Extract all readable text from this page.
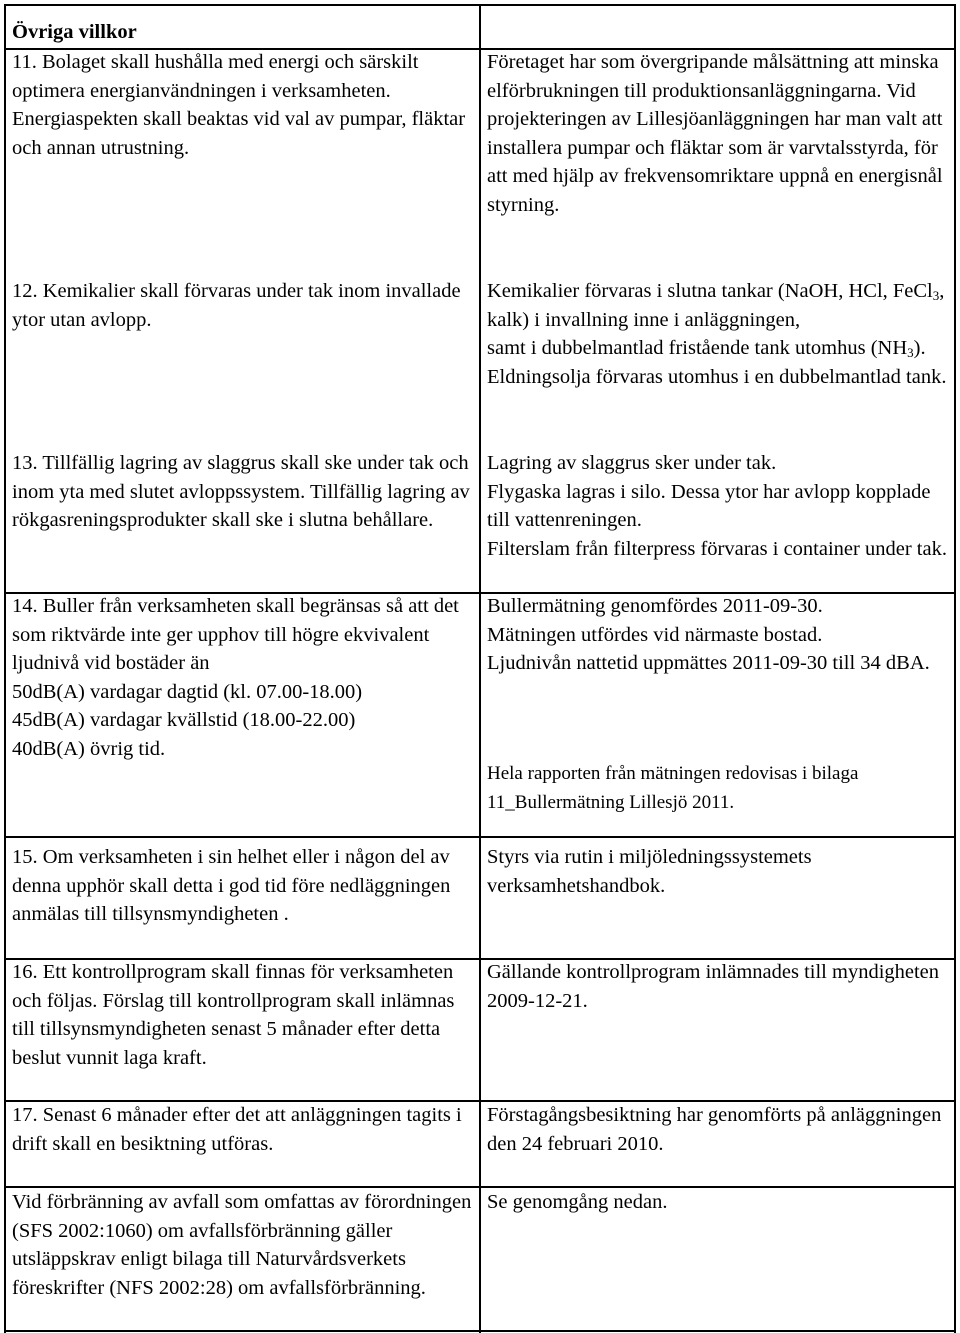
Övriga villkor
11. Bolaget skall hushålla med energi och särskilt optimera energianvändningen i verksamheten. Energiaspekten skall beaktas vid val av pumpar, fläktar och annan utrustning.
Företaget har som övergripande målsättning att minska elförbrukningen till produktionsanläggningarna. Vid projekteringen av Lillesjöanläggningen har man valt att installera pumpar och fläktar som är varvtalsstyrda, för att med hjälp av frekvensomriktare uppnå en energisnål styrning.
12. Kemikalier skall förvaras under tak inom invallade ytor utan avlopp.
Kemikalier förvaras i slutna tankar (NaOH, HCl, FeCl$_3$, kalk) i invallning inne i anläggningen,
samt i dubbelmantlad fristående tank utomhus $(NH_3)$. Eldningsolja förvaras utomhus i en dubbelmantlad tank.
13. Tillfällig lagring av slaggrus skall ske under tak och inom yta med slutet avloppssystem. Tillfällig lagring av rökgasreningsprodukter skall ske i slutna behållare.
Lagring av slaggrus sker under tak.
Flygaska lagras i silo. Dessa ytor har avlopp kopplade till vattenreningen.
Filterslam från filterpress förvaras i container under tak.
14. Buller från verksamheten skall begränsas så att det som riktvärde inte ger upphov till högre ekvivalent ljudnivå vid bostäder än
50dB(A) vardagar dagtid (kl. 07.00-18.00)
45dB(A) vardagar kvällstid (18.00-22.00)
40dB(A) övrig tid.
Bullermätning genomfördes 2011-09-30.
Mätningen utfördes vid närmaste bostad.
Ljudnivån nattetid uppmättes 2011-09-30 till 34 dBA.
Hela rapporten från mätningen redovisas i bilaga 11_Bullermätning Lillesjö 2011.
15. Om verksamheten i sin helhet eller i någon del av denna upphör skall detta i god tid före nedläggningen anmälas till tillsynsmyndigheten .
Styrs via rutin i miljöledningssystemets verksamhetshandbok.
16. Ett kontrollprogram skall finnas för verksamheten och följas. Förslag till kontrollprogram skall inlämnas till tillsynsmyndigheten senast 5 månader efter detta beslut vunnit laga kraft.
Gällande kontrollprogram inlämnades till myndigheten 2009-12-21.
17. Senast 6 månader efter det att anläggningen tagits i drift skall en besiktning utföras.
Förstagångsbesiktning har genomförts på anläggningen den 24 februari 2010.
Vid förbränning av avfall som omfattas av förordningen (SFS 2002:1060) om avfallsförbränning gäller utsläppskrav enligt bilaga till Naturvårdsverkets föreskrifter (NFS 2002:28) om avfallsförbränning.
Se genomgång nedan.
